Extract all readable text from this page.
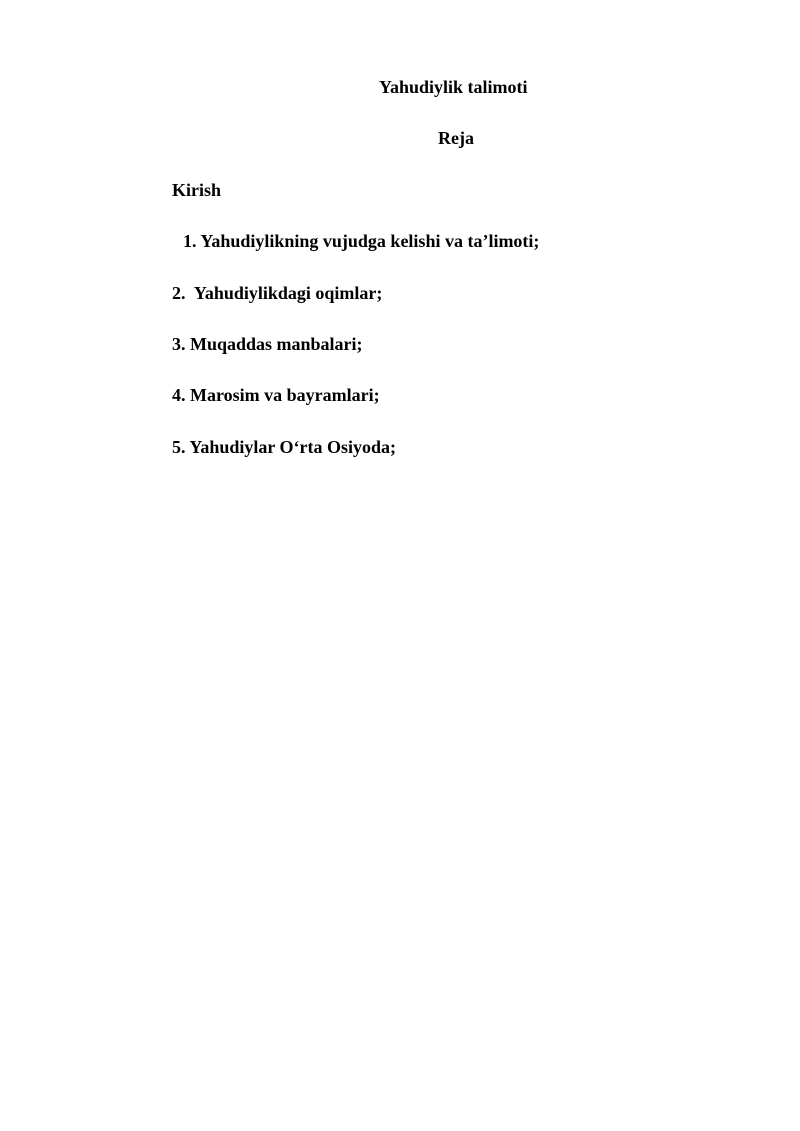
Yahudiylik talimoti
Reja
Kirish
1. Yahudiylikning vujudga kelishi va ta’limoti;
2.  Yahudiylikdagi oqimlar;
3. Muqaddas manbalari;
4. Marosim va bayramlari;
5. Yahudiylar O‘rta Osiyoda;
